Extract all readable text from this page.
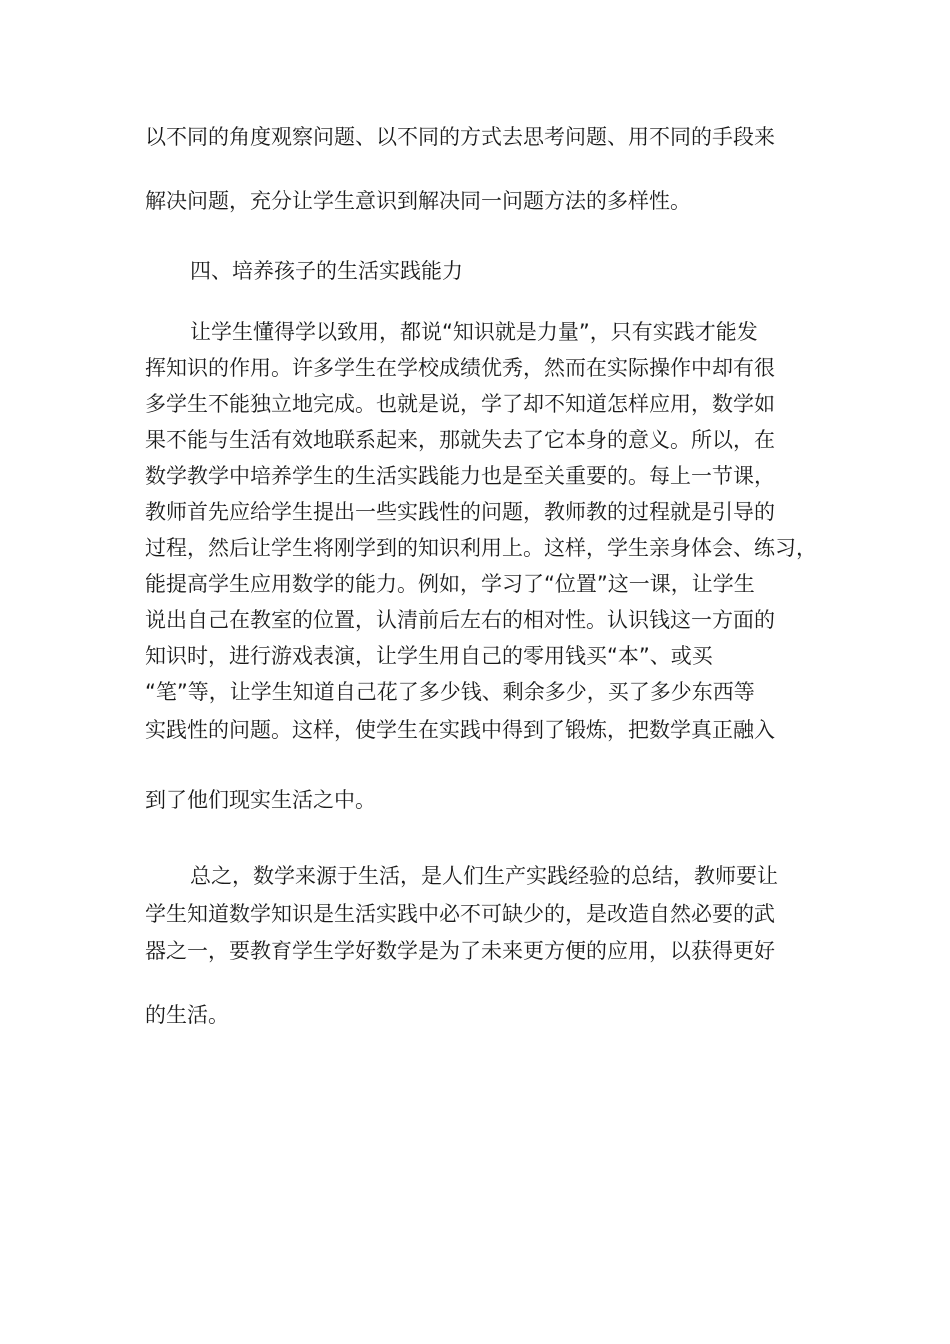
以不同的角度观察问题、以不同的方式去思考问题、用不同的手段来
解决问题，充分让学生意识到解决同一问题方法的多样性。
四、培养孩子的生活实践能力
让学生懂得学以致用，都说“知识就是力量”，只有实践才能发
挥知识的作用。许多学生在学校成绩优秀，然而在实际操作中却有很
多学生不能独立地完成。也就是说，学了却不知道怎样应用，数学如
果不能与生活有效地联系起来，那就失去了它本身的意义。所以，在
数学教学中培养学生的生活实践能力也是至关重要的。每上一节课，
教师首先应给学生提出一些实践性的问题，教师教的过程就是引导的
过程，然后让学生将刚学到的知识利用上。这样，学生亲身体会、练习，
能提高学生应用数学的能力。例如，学习了“位置”这一课，让学生
说出自己在教室的位置，认清前后左右的相对性。认识钱这一方面的
知识时，进行游戏表演，让学生用自己的零用钱买“本”、或买
“笔”等，让学生知道自己花了多少钱、剩余多少，买了多少东西等
实践性的问题。这样，使学生在实践中得到了锻炼，把数学真正融入
到了他们现实生活之中。
总之，数学来源于生活，是人们生产实践经验的总结，教师要让
学生知道数学知识是生活实践中必不可缺少的，是改造自然必要的武
器之一，要教育学生学好数学是为了未来更方便的应用，以获得更好
的生活。
